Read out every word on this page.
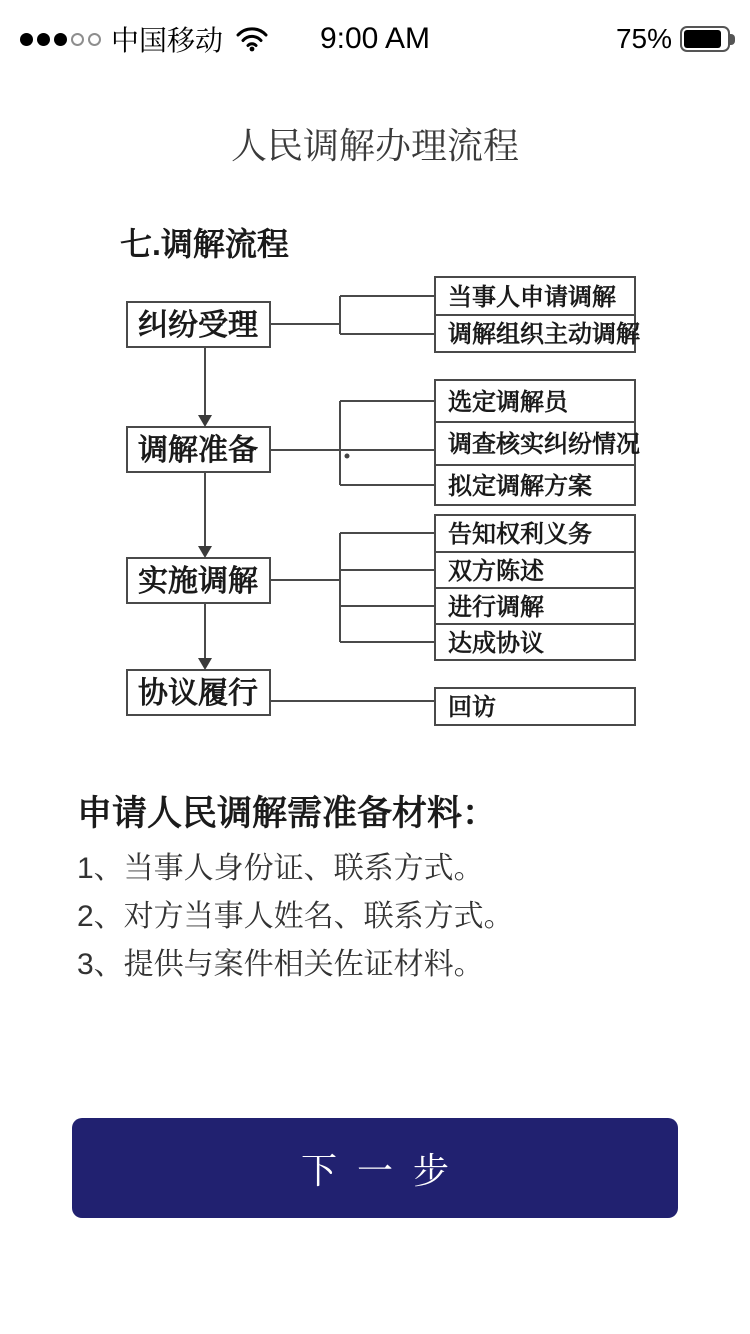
中国移动	9:00 AM	75%
人民调解办理流程
七.调解流程
纠纷受理
调解准备
实施调解
协议履行
当事人申请调解
调解组织主动调解
选定调解员
调查核实纠纷情况
拟定调解方案
告知权利义务
双方陈述
进行调解
达成协议
回访
申请人民调解需准备材料：

1、当事人身份证、联系方式。

2、对方当事人姓名、联系方式。

3、提供与案件相关佐证材料。

下一步
